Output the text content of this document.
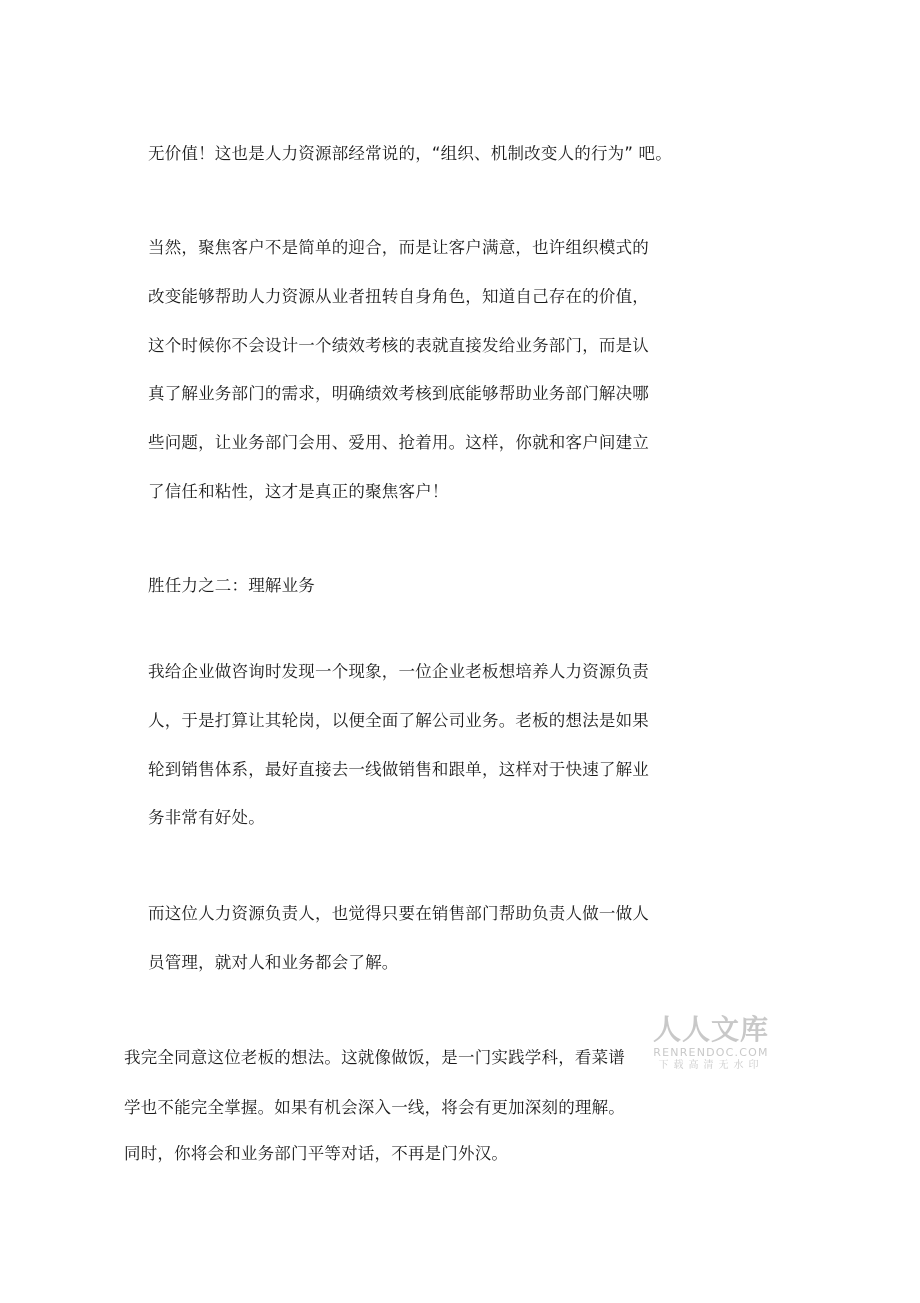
无价值！这也是人力资源部经常说的，“组织、机制改变人的行为” 吧。
当然，聚焦客户不是简单的迎合，而是让客户满意，也许组织模式的
改变能够帮助人力资源从业者扭转自身角色，知道自己存在的价值，
这个时候你不会设计一个绩效考核的表就直接发给业务部门，而是认
真了解业务部门的需求，明确绩效考核到底能够帮助业务部门解决哪
些问题，让业务部门会用、爱用、抢着用。这样，你就和客户间建立
了信任和粘性，这才是真正的聚焦客户！
胜任力之二：理解业务
我给企业做咨询时发现一个现象，一位企业老板想培养人力资源负责
人，于是打算让其轮岗，以便全面了解公司业务。老板的想法是如果
轮到销售体系，最好直接去一线做销售和跟单，这样对于快速了解业
务非常有好处。
而这位人力资源负责人，也觉得只要在销售部门帮助负责人做一做人
员管理，就对人和业务都会了解。
我完全同意这位老板的想法。这就像做饭，是一门实践学科，看菜谱
学也不能完全掌握。如果有机会深入一线，将会有更加深刻的理解。
同时，你将会和业务部门平等对话，不再是门外汉。
人人文库
RENRENDOC.COM
下载高清无水印
